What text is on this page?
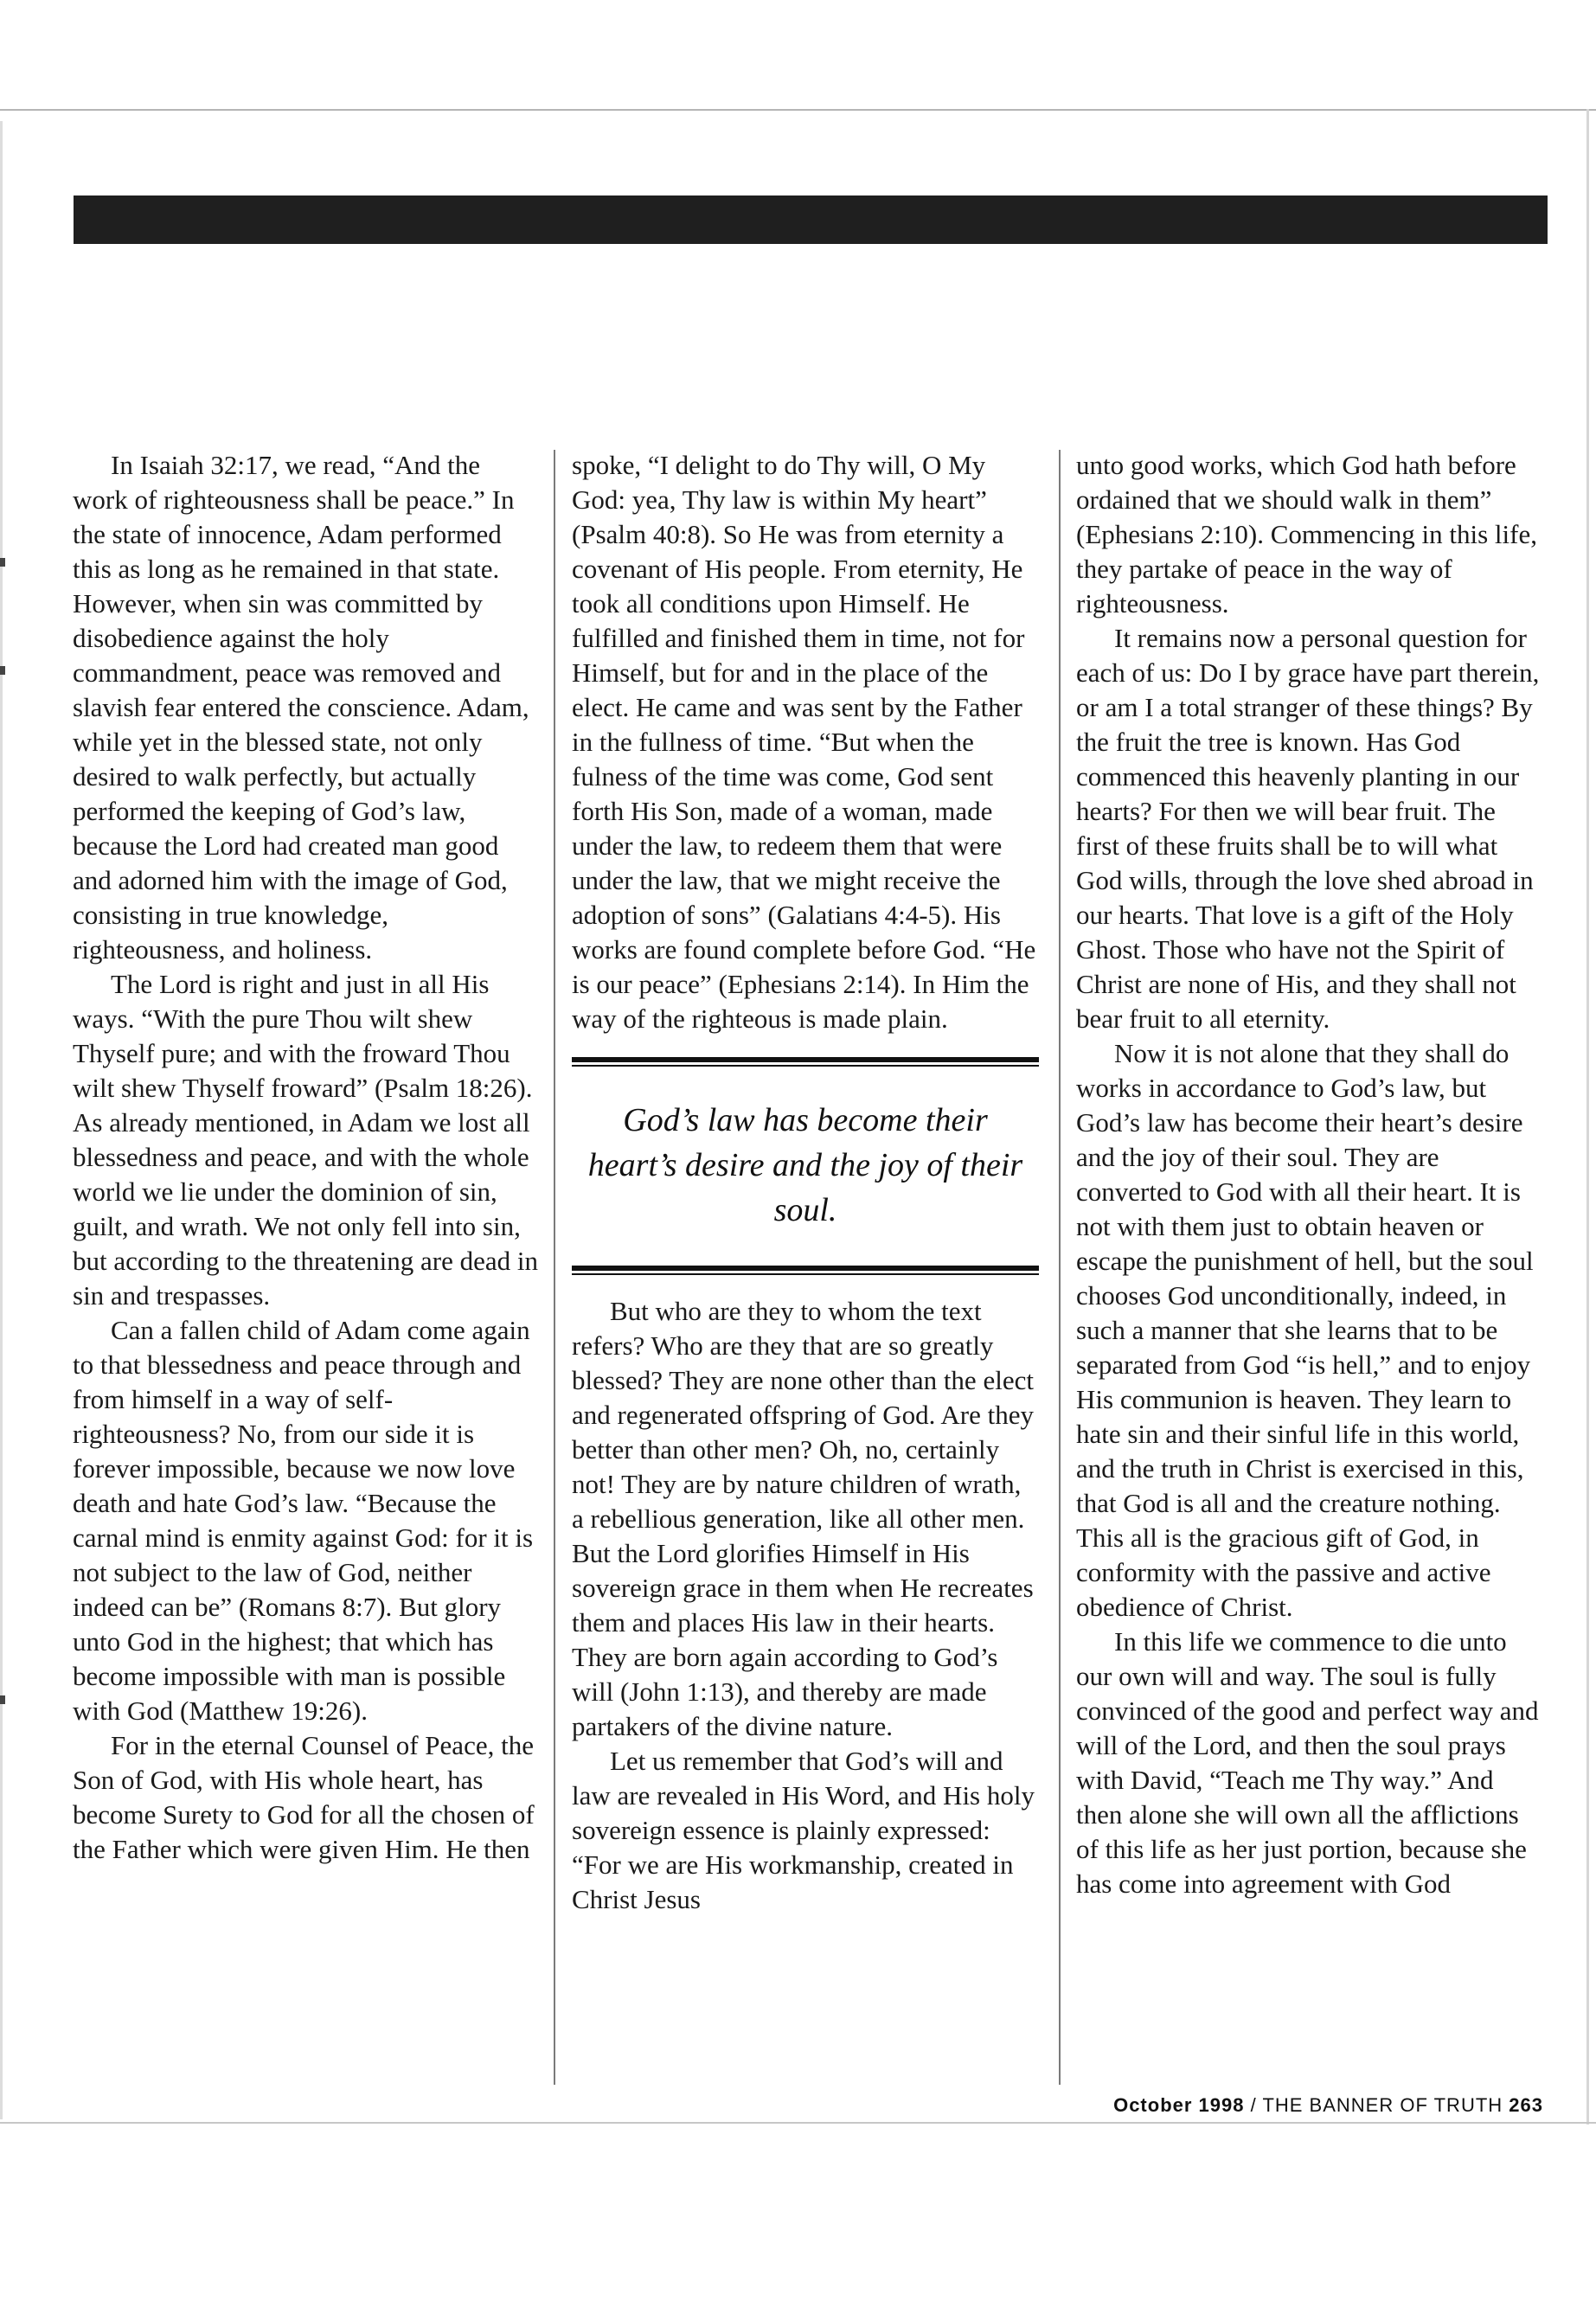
In Isaiah 32:17, we read, “And the work of righteousness shall be peace.” In the state of innocence, Adam performed this as long as he remained in that state. However, when sin was committed by disobedience against the holy commandment, peace was removed and slavish fear entered the conscience. Adam, while yet in the blessed state, not only desired to walk perfectly, but actually performed the keeping of God’s law, because the Lord had created man good and adorned him with the image of God, consisting in true knowledge, righteousness, and holiness.

The Lord is right and just in all His ways. “With the pure Thou wilt shew Thyself pure; and with the froward Thou wilt shew Thyself froward” (Psalm 18:26). As already mentioned, in Adam we lost all blessedness and peace, and with the whole world we lie under the dominion of sin, guilt, and wrath. We not only fell into sin, but according to the threatening are dead in sin and trespasses.

Can a fallen child of Adam come again to that blessedness and peace through and from himself in a way of self-righteousness? No, from our side it is forever impossible, because we now love death and hate God’s law. “Because the carnal mind is enmity against God: for it is not subject to the law of God, neither indeed can be” (Romans 8:7). But glory unto God in the highest; that which has become impossible with man is possible with God (Matthew 19:26).

For in the eternal Counsel of Peace, the Son of God, with His whole heart, has become Surety to God for all the chosen of the Father which were given Him. He then

spoke, “I delight to do Thy will, O My God: yea, Thy law is within My heart” (Psalm 40:8). So He was from eternity a covenant of His people. From eternity, He took all conditions upon Himself. He fulfilled and finished them in time, not for Himself, but for and in the place of the elect. He came and was sent by the Father in the fullness of time. “But when the fulness of the time was come, God sent forth His Son, made of a woman, made under the law, to redeem them that were under the law, that we might receive the adoption of sons” (Galatians 4:4-5). His works are found complete before God. “He is our peace” (Ephesians 2:14). In Him the way of the righteous is made plain.

God’s law has become their heart’s desire and the joy of their soul.

But who are they to whom the text refers? Who are they that are so greatly blessed? They are none other than the elect and regenerated offspring of God. Are they better than other men? Oh, no, certainly not! They are by nature children of wrath, a rebellious generation, like all other men. But the Lord glorifies Himself in His sovereign grace in them when He recreates them and places His law in their hearts. They are born again according to God’s will (John 1:13), and thereby are made partakers of the divine nature.

Let us remember that God’s will and law are revealed in His Word, and His holy sovereign essence is plainly expressed: “For we are His workmanship, created in Christ Jesus

unto good works, which God hath before ordained that we should walk in them” (Ephesians 2:10). Commencing in this life, they partake of peace in the way of righteousness.

It remains now a personal question for each of us: Do I by grace have part therein, or am I a total stranger of these things? By the fruit the tree is known. Has God commenced this heavenly planting in our hearts? For then we will bear fruit. The first of these fruits shall be to will what God wills, through the love shed abroad in our hearts. That love is a gift of the Holy Ghost. Those who have not the Spirit of Christ are none of His, and they shall not bear fruit to all eternity.

Now it is not alone that they shall do works in accordance to God’s law, but God’s law has become their heart’s desire and the joy of their soul. They are converted to God with all their heart. It is not with them just to obtain heaven or escape the punishment of hell, but the soul chooses God unconditionally, indeed, in such a manner that she learns that to be separated from God “is hell,” and to enjoy His communion is heaven. They learn to hate sin and their sinful life in this world, and the truth in Christ is exercised in this, that God is all and the creature nothing. This all is the gracious gift of God, in conformity with the passive and active obedience of Christ.

In this life we commence to die unto our own will and way. The soul is fully convinced of the good and perfect way and will of the Lord, and then the soul prays with David, “Teach me Thy way.” And then alone she will own all the afflictions of this life as her just portion, because she has come into agreement with God

October 1998 / THE BANNER OF TRUTH 263
